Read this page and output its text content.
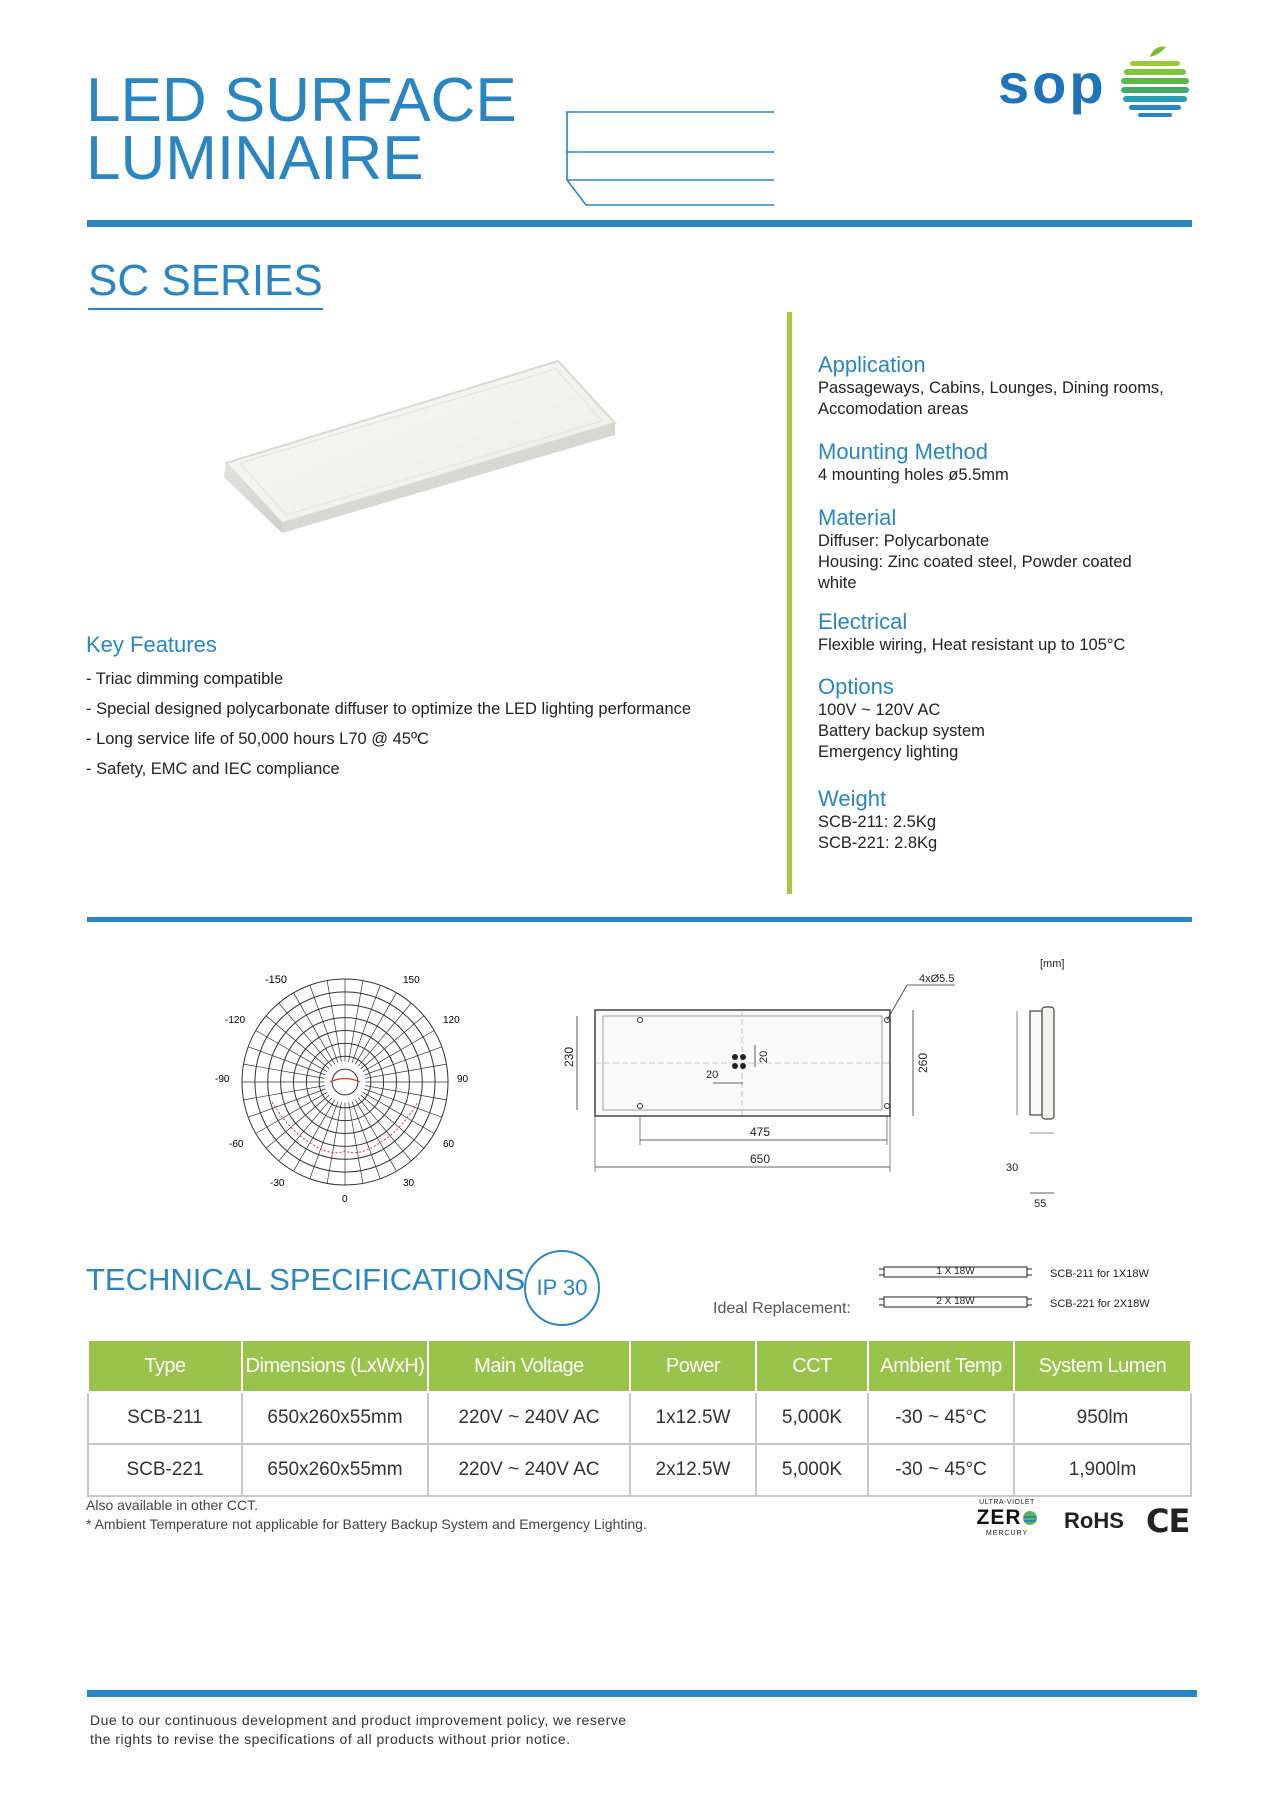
LED SURFACE
LUMINAIRE
sop
SC SERIES
Key Features
- Triac dimming compatible
- Special designed polycarbonate diffuser to optimize the LED lighting performance
- Long service life of 50,000 hours L70 @ 45ºC
- Safety, EMC and IEC compliance
Application
Passageways, Cabins, Lounges, Dining rooms,
Accomodation areas
Mounting Method
4 mounting holes ø5.5mm
Material
Diffuser: Polycarbonate
Housing: Zinc coated steel, Powder coated
white
Electrical
Flexible wiring, Heat resistant up to 105°C
Options
100V ~ 120V AC
Battery backup system
Emergency lighting
Weight
SCB-211: 2.5Kg
SCB-221: 2.8Kg
-150	150
-120	120
-90	90
-60	60
-30	30
0
4xØ5.5
230	260
20
20
475
650
[mm]
30
55
TECHNICAL SPECIFICATIONS IP 30
Ideal Replacement:
1 X 18W	SCB-211 for 1X18W
2 X 18W	SCB-221 for 2X18W
Type	Dimensions (LxWxH)	Main Voltage	Power	CCT	Ambient Temp	System Lumen
SCB-211	650x260x55mm	220V ~ 240V AC	1x12.5W	5,000K	-30 ~ 45°C	950lm
SCB-221	650x260x55mm	220V ~ 240V AC	2x12.5W	5,000K	-30 ~ 45°C	1,900lm
Also available in other CCT.
* Ambient Temperature not applicable for Battery Backup System and Emergency Lighting.
ULTRA-VIOLET
ZER
MERCURY
RoHS CE
Due to our continuous development and product improvement policy, we reserve
the rights to revise the specifications of all products without prior notice.
